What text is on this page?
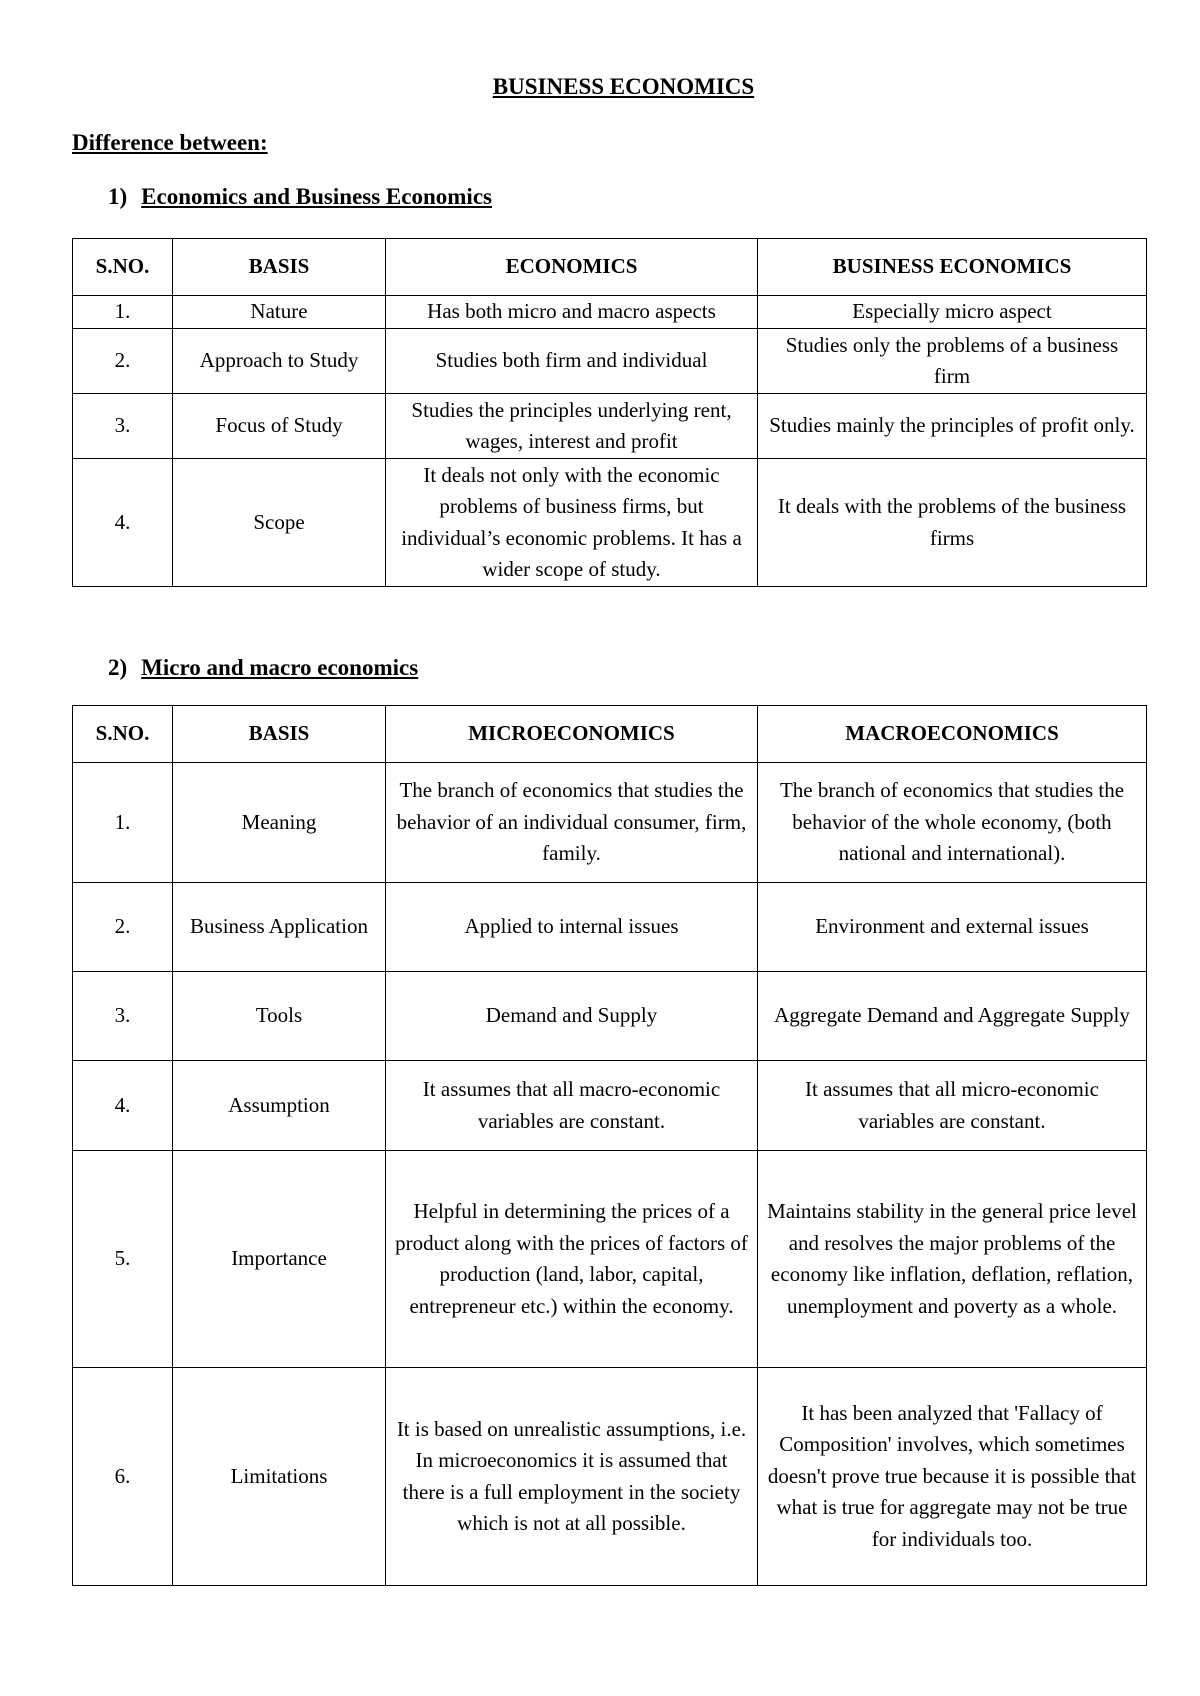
BUSINESS ECONOMICS
Difference between:
1) Economics and Business Economics
S.NO.	BASIS	ECONOMICS	BUSINESS ECONOMICS
1.	Nature	Has both micro and macro aspects	Especially micro aspect
2.	Approach to Study	Studies both firm and individual	Studies only the problems of a business firm
3.	Focus of Study	Studies the principles underlying rent, wages, interest and profit	Studies mainly the principles of profit only.
4.	Scope	It deals not only with the economic problems of business firms, but individual’s economic problems. It has a wider scope of study.	It deals with the problems of the business firms
2) Micro and macro economics
S.NO.	BASIS	MICROECONOMICS	MACROECONOMICS
1.	Meaning	The branch of economics that studies the behavior of an individual consumer, firm, family.	The branch of economics that studies the behavior of the whole economy, (both national and international).
2.	Business Application	Applied to internal issues	Environment and external issues
3.	Tools	Demand and Supply	Aggregate Demand and Aggregate Supply
4.	Assumption	It assumes that all macro-economic variables are constant.	It assumes that all micro-economic variables are constant.
5.	Importance	Helpful in determining the prices of a product along with the prices of factors of production (land, labor, capital, entrepreneur etc.) within the economy.	Maintains stability in the general price level and resolves the major problems of the economy like inflation, deflation, reflation, unemployment and poverty as a whole.
6.	Limitations	It is based on unrealistic assumptions, i.e. In microeconomics it is assumed that there is a full employment in the society which is not at all possible.	It has been analyzed that 'Fallacy of Composition' involves, which sometimes doesn't prove true because it is possible that what is true for aggregate may not be true for individuals too.
